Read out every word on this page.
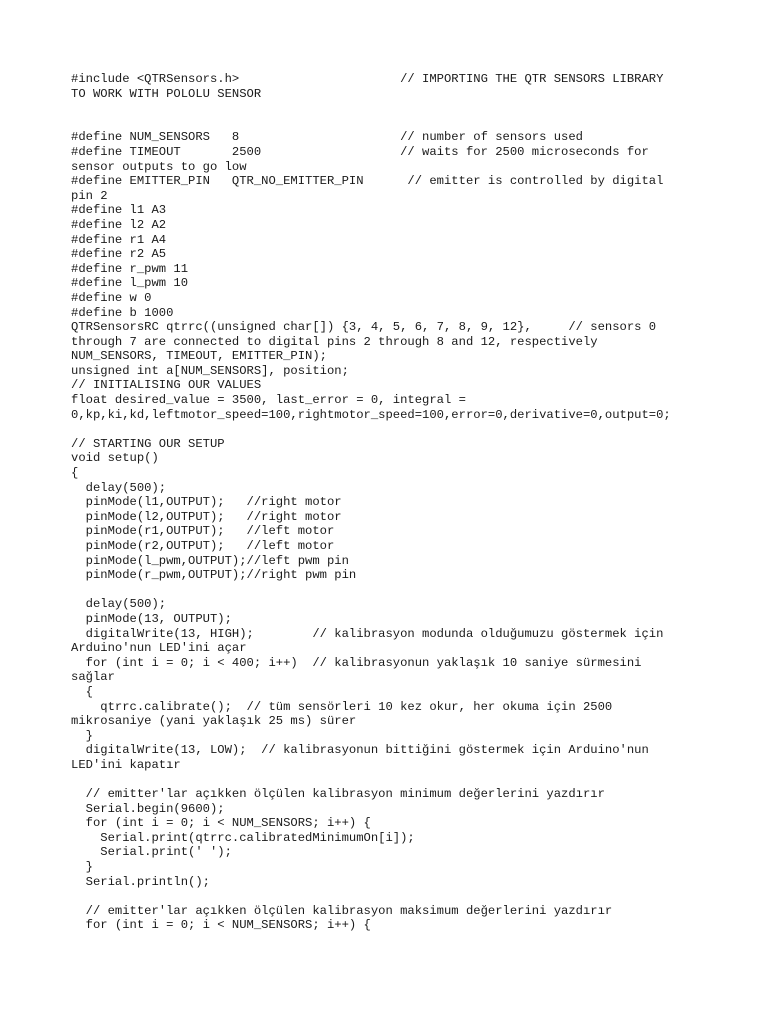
#include <QTRSensors.h>                      // IMPORTING THE QTR SENSORS LIBRARY
TO WORK WITH POLOLU SENSOR
#define NUM_SENSORS   8                      // number of sensors used
#define TIMEOUT       2500                   // waits for 2500 microseconds for
sensor outputs to go low
#define EMITTER_PIN   QTR_NO_EMITTER_PIN      // emitter is controlled by digital
pin 2
#define l1 A3
#define l2 A2
#define r1 A4
#define r2 A5
#define r_pwm 11
#define l_pwm 10
#define w 0
#define b 1000
QTRSensorsRC qtrrc((unsigned char[]) {3, 4, 5, 6, 7, 8, 9, 12},     // sensors 0
through 7 are connected to digital pins 2 through 8 and 12, respectively
NUM_SENSORS, TIMEOUT, EMITTER_PIN);
unsigned int a[NUM_SENSORS], position;
// INITIALISING OUR VALUES
float desired_value = 3500, last_error = 0, integral =
0,kp,ki,kd,leftmotor_speed=100,rightmotor_speed=100,error=0,derivative=0,output=0;
// STARTING OUR SETUP
void setup()
{
delay(500);
pinMode(l1,OUTPUT);   //right motor
pinMode(l2,OUTPUT);   //right motor
pinMode(r1,OUTPUT);   //left motor
pinMode(r2,OUTPUT);   //left motor
pinMode(l_pwm,OUTPUT);//left pwm pin
pinMode(r_pwm,OUTPUT);//right pwm pin
delay(500);
pinMode(13, OUTPUT);
digitalWrite(13, HIGH);        // kalibrasyon modunda olduğumuzu göstermek için
Arduino'nun LED'ini açar
for (int i = 0; i < 400; i++)  // kalibrasyonun yaklaşık 10 saniye sürmesini
sağlar
{
qtrrc.calibrate();  // tüm sensörleri 10 kez okur, her okuma için 2500
mikrosaniye (yani yaklaşık 25 ms) sürer
}
digitalWrite(13, LOW);  // kalibrasyonun bittiğini göstermek için Arduino'nun
LED'ini kapatır
// emitter'lar açıkken ölçülen kalibrasyon minimum değerlerini yazdırır
Serial.begin(9600);
for (int i = 0; i < NUM_SENSORS; i++) {
Serial.print(qtrrc.calibratedMinimumOn[i]);
Serial.print(' ');
}
Serial.println();
// emitter'lar açıkken ölçülen kalibrasyon maksimum değerlerini yazdırır
for (int i = 0; i < NUM_SENSORS; i++) {
